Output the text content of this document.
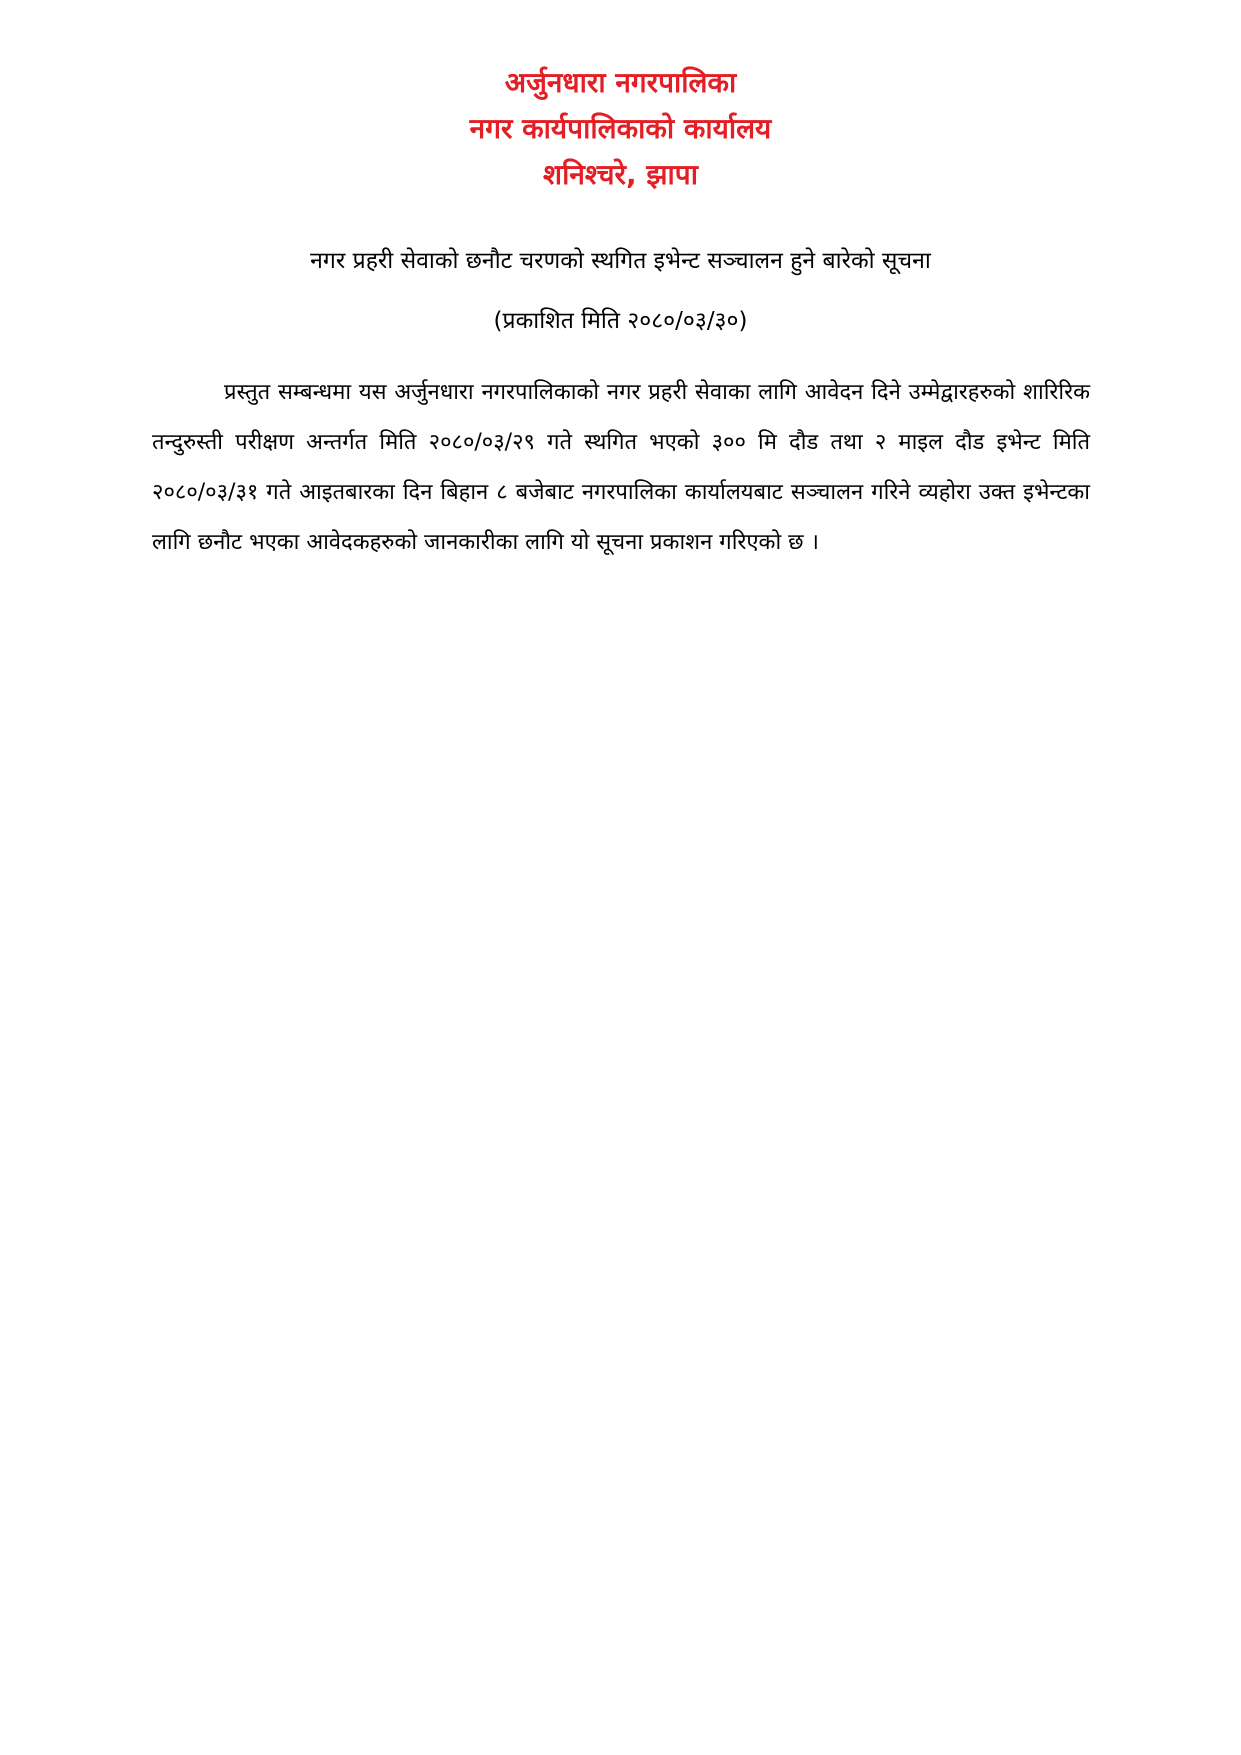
अर्जुनधारा नगरपालिका
नगर कार्यपालिकाको कार्यालय
शनिश्चरे, झापा
नगर प्रहरी सेवाको छनौट चरणको स्थगित इभेन्ट सञ्चालन हुने बारेको सूचना
(प्रकाशित मिति २०८०/०३/३०)

प्रस्तुत सम्बन्धमा यस अर्जुनधारा नगरपालिकाको नगर प्रहरी सेवाका लागि आवेदन दिने उम्मेद्वारहरुको शारिरिक तन्दुरुस्ती परीक्षण अन्तर्गत मिति २०८०/०३/२९ गते स्थगित भएको ३०० मि दौड तथा २ माइल दौड इभेन्ट मिति २०८०/०३/३१ गते आइतबारका दिन बिहान ८ बजेबाट नगरपालिका कार्यालयबाट सञ्चालन गरिने व्यहोरा उक्त इभेन्टका लागि छनौट भएका आवेदकहरुको जानकारीका लागि यो सूचना प्रकाशन गरिएको छ ।
